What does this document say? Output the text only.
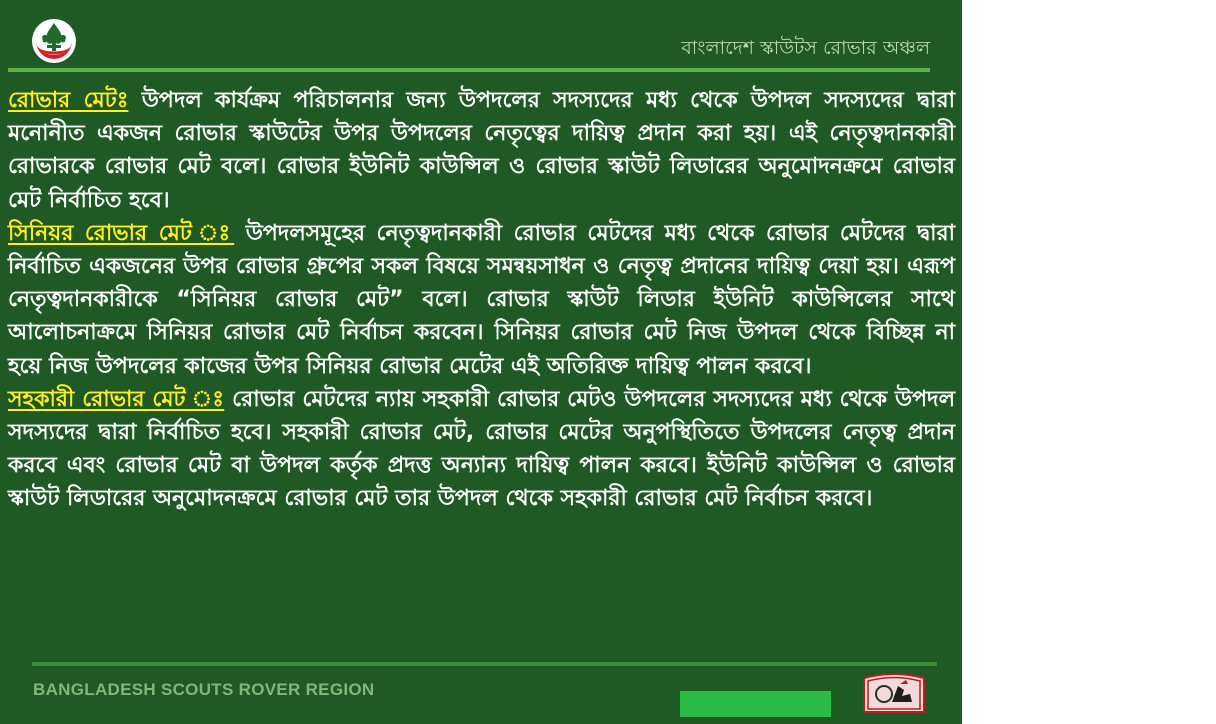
বাংলাদেশ স্কাউটস রোভার অঞ্চল

রোভার মেটঃ উপদল কার্যক্রম পরিচালনার জন্য উপদলের সদস্যদের মধ্য থেকে উপদল সদস্যদের দ্বারা মনোনীত একজন রোভার স্কাউটের উপর উপদলের নেতৃত্বের দায়িত্ব প্রদান করা হয়। এই নেতৃত্বদানকারী রোভারকে রোভার মেট বলে। রোভার ইউনিট কাউন্সিল ও রোভার স্কাউট লিডারের অনুমোদনক্রমে রোভার মেট নির্বাচিত হবে।

সিনিয়র রোভার মেট ঃ উপদলসমূহের নেতৃত্বদানকারী রোভার মেটদের মধ্য থেকে রোভার মেটদের দ্বারা নির্বাচিত একজনের উপর রোভার গ্রুপের সকল বিষয়ে সমন্বয়সাধন ও নেতৃত্ব প্রদানের দায়িত্ব দেয়া হয়। এরূপ নেতৃত্বদানকারীকে “সিনিয়র রোভার মেট” বলে। রোভার স্কাউট লিডার ইউনিট কাউন্সিলের সাথে আলোচনাক্রমে সিনিয়র রোভার মেট নির্বাচন করবেন। সিনিয়র রোভার মেট নিজ উপদল থেকে বিচ্ছিন্ন না হয়ে নিজ উপদলের কাজের উপর সিনিয়র রোভার মেটের এই অতিরিক্ত দায়িত্ব পালন করবে।

সহকারী রোভার মেট ঃ রোভার মেটদের ন্যায় সহকারী রোভার মেটও উপদলের সদস্যদের মধ্য থেকে উপদল সদস্যদের দ্বারা নির্বাচিত হবে। সহকারী রোভার মেট, রোভার মেটের অনুপস্থিতিতে উপদলের নেতৃত্ব প্রদান করবে এবং রোভার মেট বা উপদল কর্তৃক প্রদত্ত অন্যান্য দায়িত্ব পালন করবে। ইউনিট কাউন্সিল ও রোভার স্কাউট লিডারের অনুমোদনক্রমে রোভার মেট তার উপদল থেকে সহকারী রোভার মেট নির্বাচন করবে।

BANGLADESH SCOUTS ROVER REGION
